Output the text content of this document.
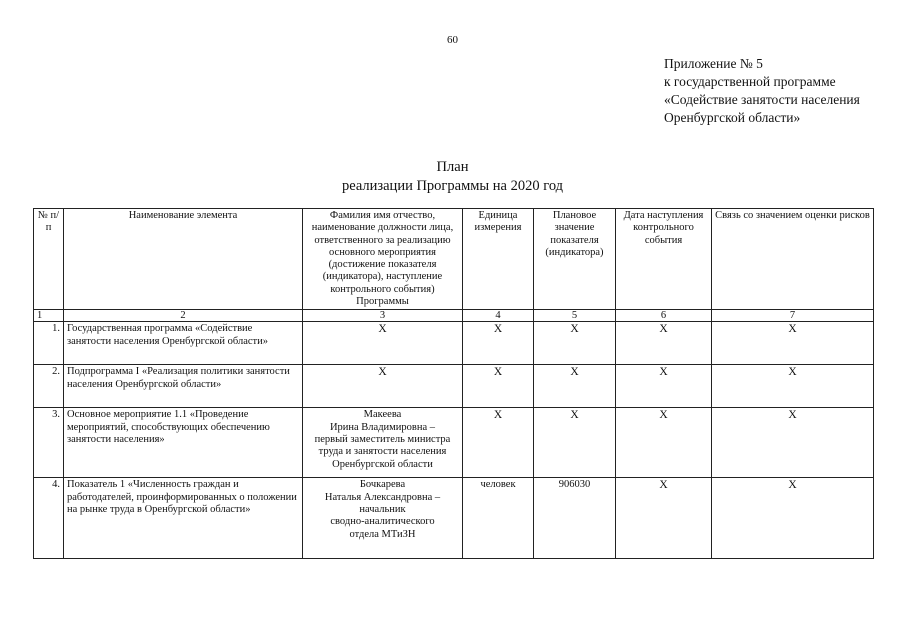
60
Приложение № 5
к государственной программе
«Содействие занятости населения
Оренбургской области»
План
реализации Программы на 2020 год
№ п/п	Наименование элемента	Фамилия имя отчество, наименование должности лица, ответственного за реализацию основного мероприятия (достижение показателя (индикатора), наступление контрольного события) Программы	Единица измерения	Плановое значение показателя (индикатора)	Дата наступления контрольного события	Связь со значением оценки рисков
1	2	3	4	5	6	7
1.	Государственная программа «Содействие занятости населения Оренбургской области»	X	X	X	X	X
2.	Подпрограмма I «Реализация политики занятости населения Оренбургской области»	X	X	X	X	X
3.	Основное мероприятие 1.1 «Проведение мероприятий, способствующих обеспечению занятости населения»	Макеева
Ирина Владимировна –
первый заместитель министра
труда и занятости населения
Оренбургской области	X	X	X	X
4.	Показатель 1 «Численность граждан и работодателей, проинформированных о положении на рынке труда в Оренбургской области»	Бочкарева
Наталья Александровна –
начальник
сводно-аналитического
отдела МТиЗН	человек	906030	X	X
